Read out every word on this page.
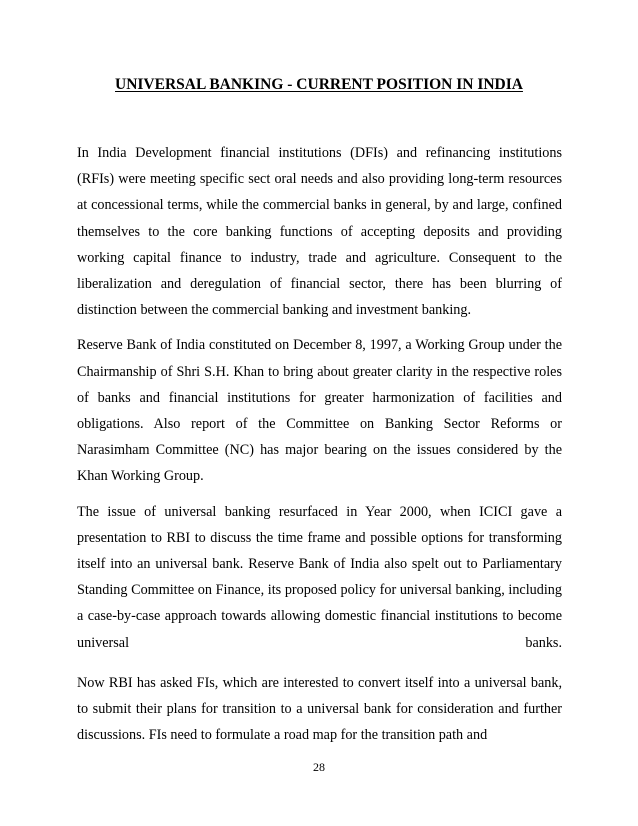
UNIVERSAL BANKING - CURRENT POSITION IN INDIA

In India Development financial institutions (DFIs) and refinancing institutions (RFIs) were meeting specific sect oral needs and also providing long-term resources at concessional terms, while the commercial banks in general, by and large, confined themselves to the core banking functions of accepting deposits and providing working capital finance to industry, trade and agriculture. Consequent to the liberalization and deregulation of financial sector, there has been blurring of distinction between the commercial banking and investment banking.

Reserve Bank of India constituted on December 8, 1997, a Working Group under the Chairmanship of Shri S.H. Khan to bring about greater clarity in the respective roles of banks and financial institutions for greater harmonization of facilities and obligations. Also report of the Committee on Banking Sector Reforms or Narasimham Committee (NC) has major bearing on the issues considered by the Khan Working Group.

The issue of universal banking resurfaced in Year 2000, when ICICI gave a presentation to RBI to discuss the time frame and possible options for transforming itself into an universal bank. Reserve Bank of India also spelt out to Parliamentary Standing Committee on Finance, its proposed policy for universal banking, including a case-by-case approach towards allowing domestic financial institutions to become universal banks.

Now RBI has asked FIs, which are interested to convert itself into a universal bank, to submit their plans for transition to a universal bank for consideration and further discussions. FIs need to formulate a road map for the transition path and

28
